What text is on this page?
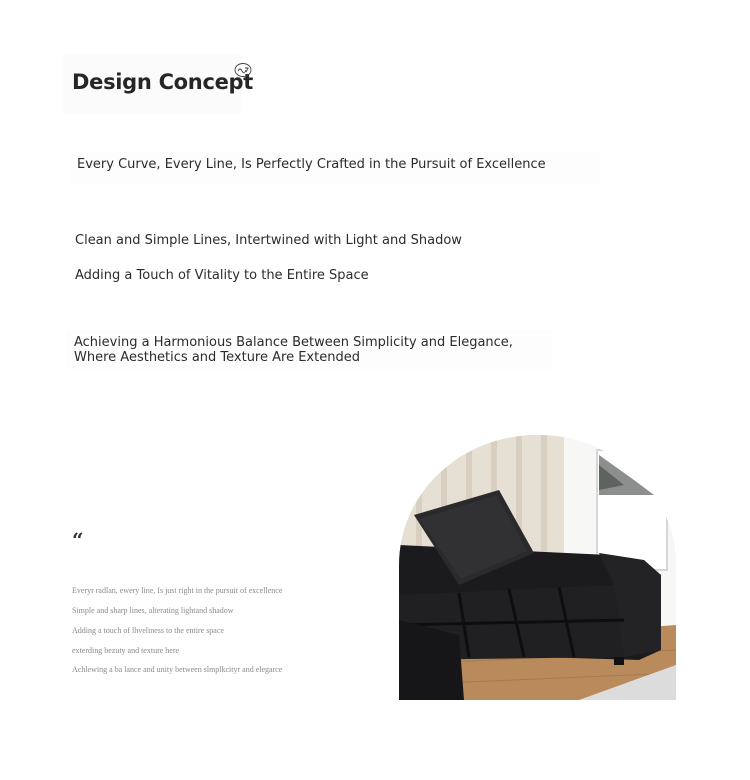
Design Concept

Every Curve, Every Line, Is Perfectly Crafted in the Pursuit of Excellence

Clean and Simple Lines, Intertwined with Light and Shadow

Adding a Touch of Vitality to the Entire Space

Achieving a Harmonious Balance Between Simplicity and Elegance, Where Aesthetics and Texture Are Extended

“

Everyr radlan, ewery line, Is just right in the pursuit of excellence

Simple and sharp lines, alterating lightand shadow

Adding a touch of lhveliness to the entire space

exterding bezuty and texture here

Achlewing a ba lance and unity between slmplkcityr and elegarce
